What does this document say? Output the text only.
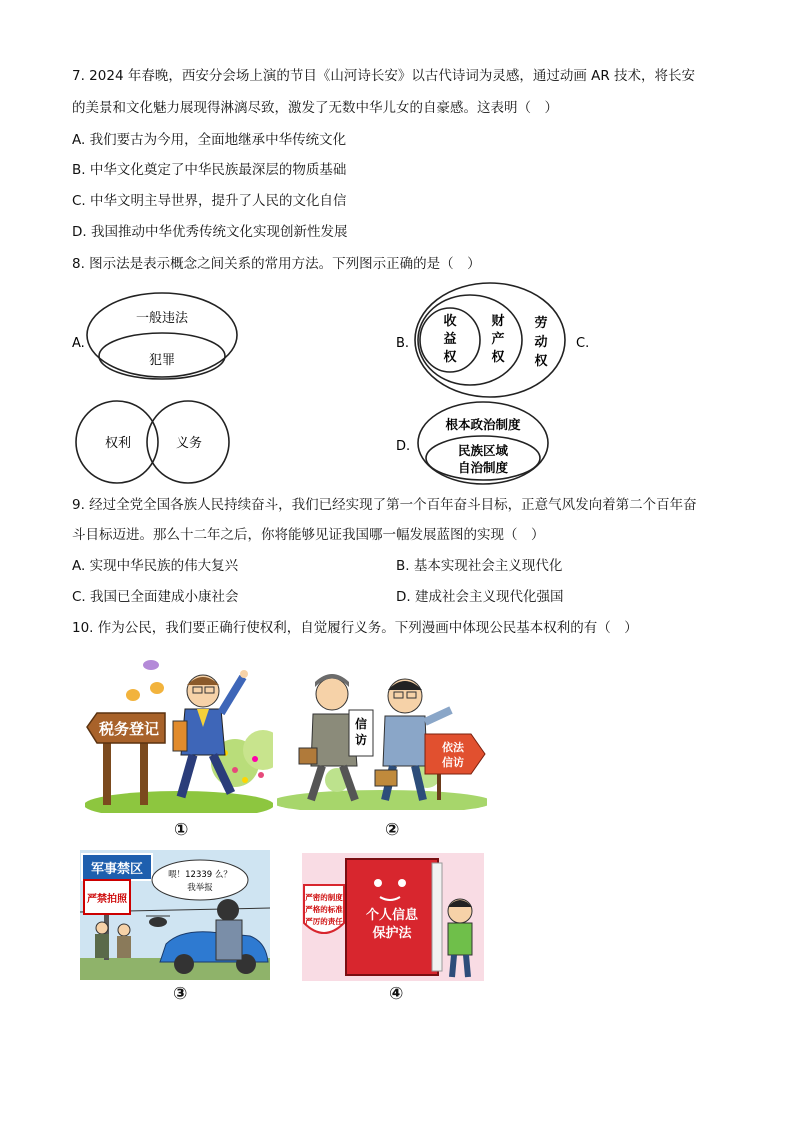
7. 2024 年春晚，西安分会场上演的节目《山河诗长安》以古代诗词为灵感，通过动画 AR 技术，将长安
的美景和文化魅力展现得淋漓尽致，激发了无数中华儿女的自豪感。这表明（　）
A. 我们要古为今用，全面地继承中华传统文化
B. 中华文化奠定了中华民族最深层的物质基础
C. 中华文明主导世界，提升了人民的文化自信
D. 我国推动中华优秀传统文化实现创新性发展
8. 图示法是表示概念之间关系的常用方法。下列图示正确的是（　）
A.
一般违法
犯罪
B.
收
益
权
财
产
权
劳
动
权
C.
权利	义务	D.
根本政治制度
民族区域
自治制度
9. 经过全党全国各族人民持续奋斗，我们已经实现了第一个百年奋斗目标，正意气风发向着第二个百年奋
斗目标迈进。那么十二年之后，你将能够见证我国哪一幅发展蓝图的实现（　）
A. 实现中华民族的伟大复兴	B. 基本实现社会主义现代化
C. 我国已全面建成小康社会	D. 建成社会主义现代化强国
10. 作为公民，我们要正确行使权利，自觉履行义务。下列漫画中体现公民基本权利的有（　）
税务登记
①
信
访
依法
信访
②
军事禁区
严禁拍照
喂！12339 么？
我举报
③
个人信息
保护法
严密的制度
严格的标准
严厉的责任
④
